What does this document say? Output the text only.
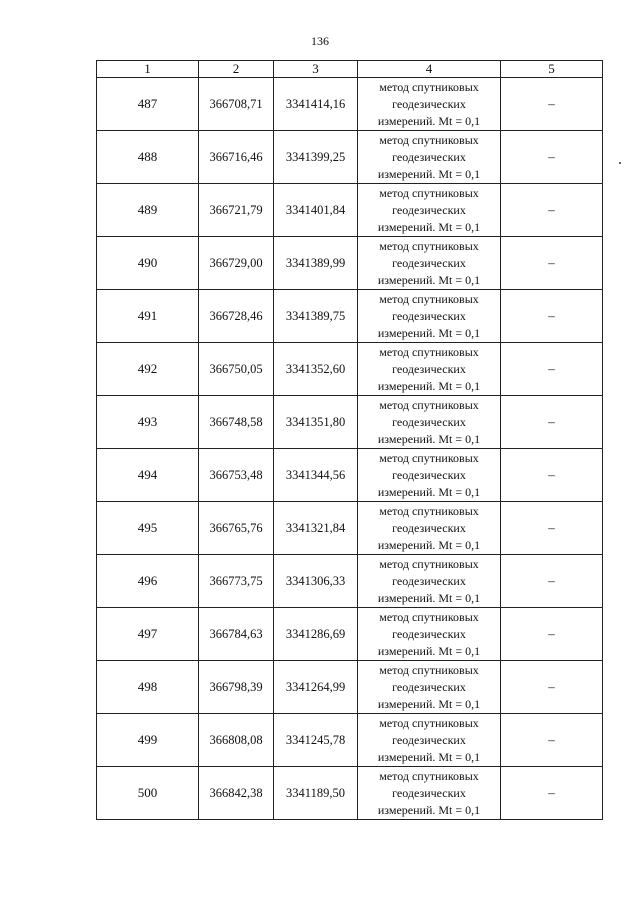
136
1	2	3	4	5
487	366708,71	3341414,16	метод спутниковых
геодезических
измерений. Mt = 0,1	–
488	366716,46	3341399,25	метод спутниковых
геодезических
измерений. Mt = 0,1	–
489	366721,79	3341401,84	метод спутниковых
геодезических
измерений. Mt = 0,1	–
490	366729,00	3341389,99	метод спутниковых
геодезических
измерений. Mt = 0,1	–
491	366728,46	3341389,75	метод спутниковых
геодезических
измерений. Mt = 0,1	–
492	366750,05	3341352,60	метод спутниковых
геодезических
измерений. Mt = 0,1	–
493	366748,58	3341351,80	метод спутниковых
геодезических
измерений. Mt = 0,1	–
494	366753,48	3341344,56	метод спутниковых
геодезических
измерений. Mt = 0,1	–
495	366765,76	3341321,84	метод спутниковых
геодезических
измерений. Mt = 0,1	–
496	366773,75	3341306,33	метод спутниковых
геодезических
измерений. Mt = 0,1	–
497	366784,63	3341286,69	метод спутниковых
геодезических
измерений. Mt = 0,1	–
498	366798,39	3341264,99	метод спутниковых
геодезических
измерений. Mt = 0,1	–
499	366808,08	3341245,78	метод спутниковых
геодезических
измерений. Mt = 0,1	–
500	366842,38	3341189,50	метод спутниковых
геодезических
измерений. Mt = 0,1	–
